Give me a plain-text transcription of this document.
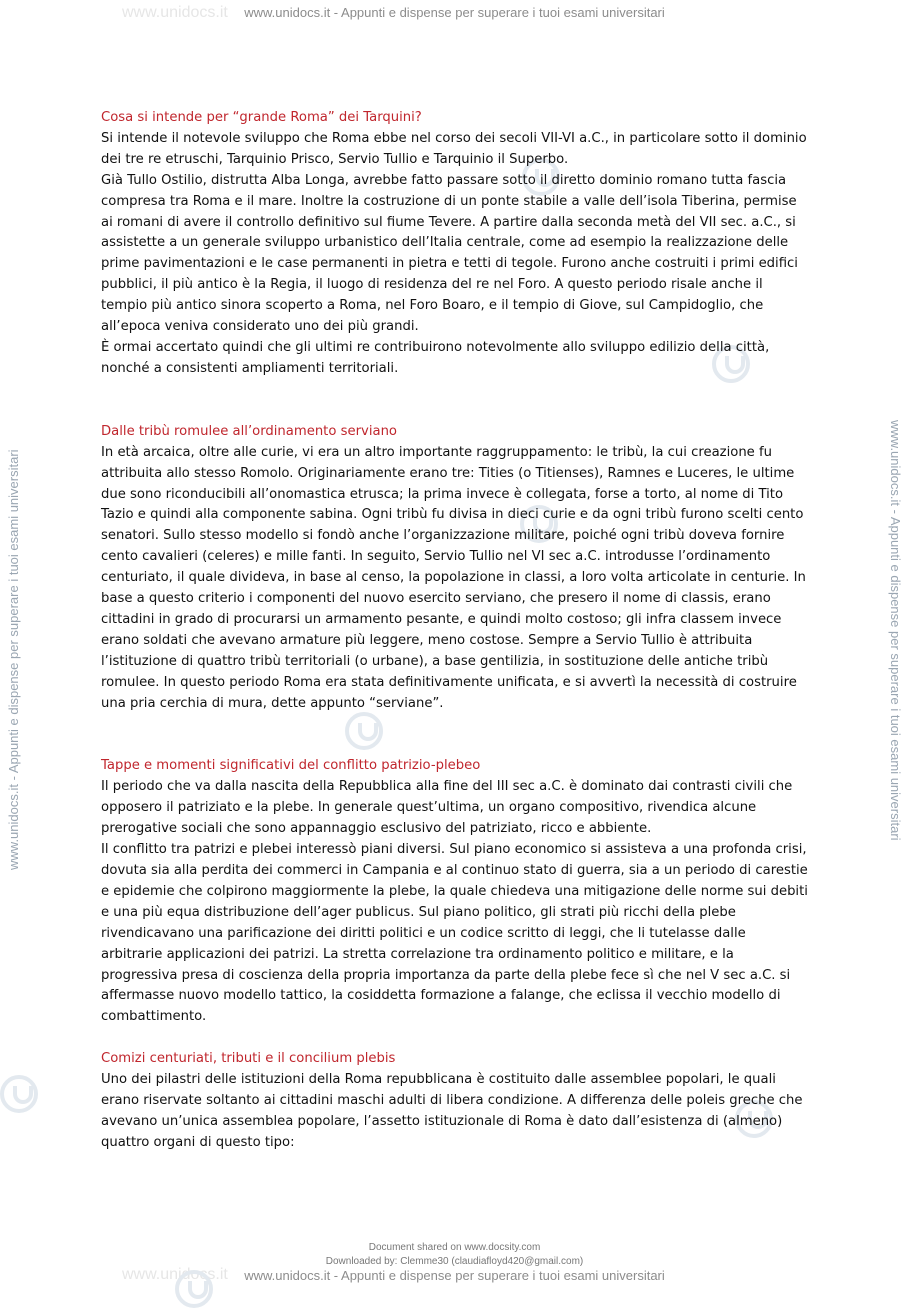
www.unidocs.it
www.unidocs.it
www.unidocs.it - Appunti e dispense per superare i tuoi esami universitari
www.unidocs.it - Appunti e dispense per superare i tuoi esami universitari
www.unidocs.it - Appunti e dispense per superare i tuoi esami universitari	www.unidocs.it - Appunti e dispense per superare i tuoi esami universitari

Cosa si intende per “grande Roma” dei Tarquini?

Si intende il notevole sviluppo che Roma ebbe nel corso dei secoli VII-VI a.C., in particolare sotto il dominio dei tre re etruschi, Tarquinio Prisco, Servio Tullio e Tarquinio il Superbo.

Già Tullo Ostilio, distrutta Alba Longa, avrebbe fatto passare sotto il diretto dominio romano tutta fascia compresa tra Roma e il mare. Inoltre la costruzione di un ponte stabile a valle dell’isola Tiberina, permise ai romani di avere il controllo definitivo sul fiume Tevere. A partire dalla seconda metà del VII sec. a.C., si assistette a un generale sviluppo urbanistico dell’Italia centrale, come ad esempio la realizzazione delle prime pavimentazioni e le case permanenti in pietra e tetti di tegole. Furono anche costruiti i primi edifici pubblici, il più antico è la Regia, il luogo di residenza del re nel Foro. A questo periodo risale anche il tempio più antico sinora scoperto a Roma, nel Foro Boaro, e il tempio di Giove, sul Campidoglio, che all’epoca veniva considerato uno dei più grandi.

È ormai accertato quindi che gli ultimi re contribuirono notevolmente allo sviluppo edilizio della città, nonché a consistenti ampliamenti territoriali.

Dalle tribù romulee all’ordinamento serviano

In età arcaica, oltre alle curie, vi era un altro importante raggruppamento: le tribù, la cui creazione fu attribuita allo stesso Romolo. Originariamente erano tre: Tities (o Titienses), Ramnes e Luceres, le ultime due sono riconducibili all’onomastica etrusca; la prima invece è collegata, forse a torto, al nome di Tito Tazio e quindi alla componente sabina. Ogni tribù fu divisa in dieci curie e da ogni tribù furono scelti cento senatori. Sullo stesso modello si fondò anche l’organizzazione militare, poiché ogni tribù doveva fornire cento cavalieri (celeres) e mille fanti. In seguito, Servio Tullio nel VI sec a.C. introdusse l’ordinamento centuriato, il quale divideva, in base al censo, la popolazione in classi, a loro volta articolate in centurie. In base a questo criterio i componenti del nuovo esercito serviano, che presero il nome di classis, erano cittadini in grado di procurarsi un armamento pesante, e quindi molto costoso; gli infra classem invece erano soldati che avevano armature più leggere, meno costose. Sempre a Servio Tullio è attribuita l’istituzione di quattro tribù territoriali (o urbane), a base gentilizia, in sostituzione delle antiche tribù romulee. In questo periodo Roma era stata definitivamente unificata, e si avvertì la necessità di costruire una pria cerchia di mura, dette appunto “serviane”.

Tappe e momenti significativi del conflitto patrizio-plebeo

Il periodo che va dalla nascita della Repubblica alla fine del III sec a.C. è dominato dai contrasti civili che opposero il patriziato e la plebe. In generale quest’ultima, un organo compositivo, rivendica alcune prerogative sociali che sono appannaggio esclusivo del patriziato, ricco e abbiente.

Il conflitto tra patrizi e plebei interessò piani diversi. Sul piano economico si assisteva a una profonda crisi, dovuta sia alla perdita dei commerci in Campania e al continuo stato di guerra, sia a un periodo di carestie e epidemie che colpirono maggiormente la plebe, la quale chiedeva una mitigazione delle norme sui debiti e una più equa distribuzione dell’ager publicus. Sul piano politico, gli strati più ricchi della plebe rivendicavano una parificazione dei diritti politici e un codice scritto di leggi, che li tutelasse dalle arbitrarie applicazioni dei patrizi. La stretta correlazione tra ordinamento politico e militare, e la progressiva presa di coscienza della propria importanza da parte della plebe fece sì che nel V sec a.C. si affermasse nuovo modello tattico, la cosiddetta formazione a falange, che eclissa il vecchio modello di combattimento.

Comizi centuriati, tributi e il concilium plebis

Uno dei pilastri delle istituzioni della Roma repubblicana è costituito dalle assemblee popolari, le quali erano riservate soltanto ai cittadini maschi adulti di libera condizione. A differenza delle poleis greche che avevano un’unica assemblea popolare, l’assetto istituzionale di Roma è dato dall’esistenza di (almeno) quattro organi di questo tipo:

Document shared on www.docsity.com
Downloaded by: Clemme30 (claudiafloyd420@gmail.com)
